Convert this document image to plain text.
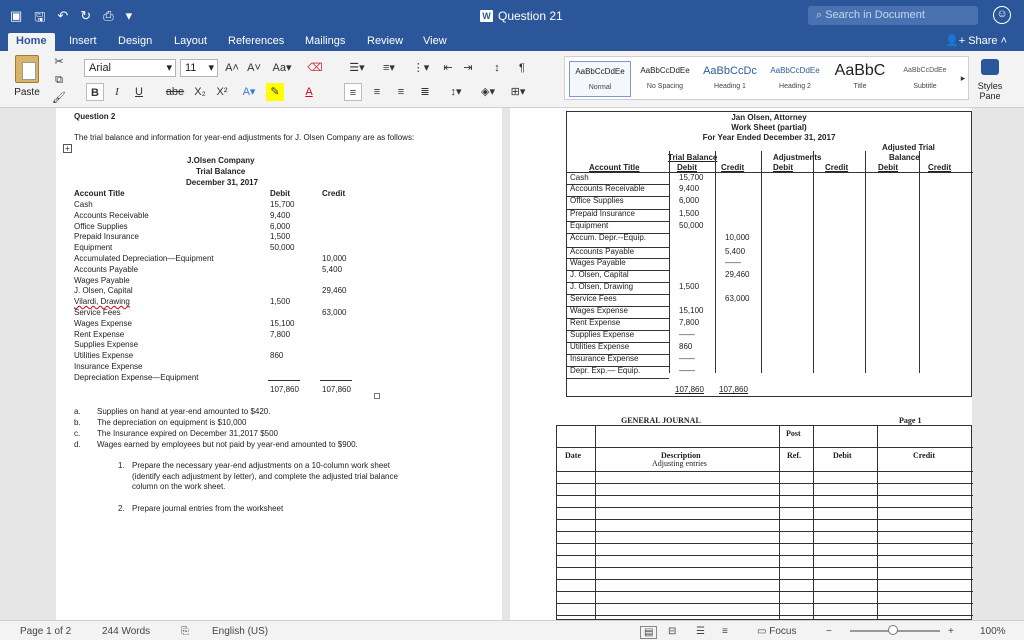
▣ 🖫 ↶ ↻ ⎙ ▾	W Question 21	⌕ Search in Document	☺
Home	Insert Design Layout References Mailings Review View	👤+ Share ˄
Paste
✂
⧉
🖌
Arial	▾	11 ▾ A˄ A˅ Aa▾ ⌫
B	I	U abe X₂ X² A▾	✎	A
☰▾	≡▾	⋮▾	⇤ ⇥	↕	¶
≡	≡	≡	≣	↕▾	◈▾	⊞▾
AaBbCcDdEe
Normal
AaBbCcDdEe
No Spacing
AaBbCcDc
Heading 1
AaBbCcDdEe
Heading 2
AaBbC
Title
AaBbCcDdEe
Subtitle
▸
Styles Pane
Question 2
The trial balance and information for year-end adjustments for J. Olsen Company are as follows:
+
J.Olsen Company
Trial Balance
December 31, 2017
Account Title	Debit	Credit
Cash	15,700
Accounts Receivable	9,400
Office Supplies	6,000
Prepaid Insurance	1,500
Equipment	50,000
Accumulated Depreciation—Equipment	10,000
Accounts Payable	5,400
Wages Payable
J. Olsen, Capital	29,460
Vilardi, Drawing	1,500
Service Fees	63,000
Wages Expense	15,100
Rent Expense	7,800
Supplies Expense
Utilities Expense	860
Insurance Expense
Depreciation Expense—Equipment
107,860	107,860
a. Supplies on hand at year-end amounted to $420.
b. The depreciation on equipment is $10,000
c. The Insurance expired on December 31,2017 $500
d. Wages earned by employees but not paid by year-end amounted to $900.
1. Prepare the necessary year-end adjustments on a 10-column work sheet
(identify each adjustment by letter), and complete the adjusted trial balance
column on the work sheet.
2. Prepare journal entries from the worksheet
Jan Olsen, Attorney
Work Sheet (partial)
For Year Ended December 31, 2017
Trial Balance	Adjustments
Adjusted Trial
Balance
Account Title	Debit	Credit	Debit	Credit	Debit	Credit
Cash	15,700
Accounts Receivable	9,400
Office Supplies	6,000
Prepaid Insurance	1,500
Equipment	50,000
Accum. Depr.--Equip.	10,000
Accounts Payable	5,400
Wages Payable	——
J. Olsen, Capital	29,460
J. Olsen, Drawing	1,500
Service Fees	63,000
Wages Expense	15,100
Rent Expense	7,800
Supplies Expense	——
Utilities Expense	860
Insurance Expense	——
Depr. Exp.— Equip.	——
107,860 107,860
GENERAL JOURNAL	Page 1
Post
Date	Description	Ref.	Debit	Credit
Adjusting entries
Page 1 of 2	244 Words	⎘ English (US)	▤	⊟ ☰ ≡	▭ Focus	−	+	100%
